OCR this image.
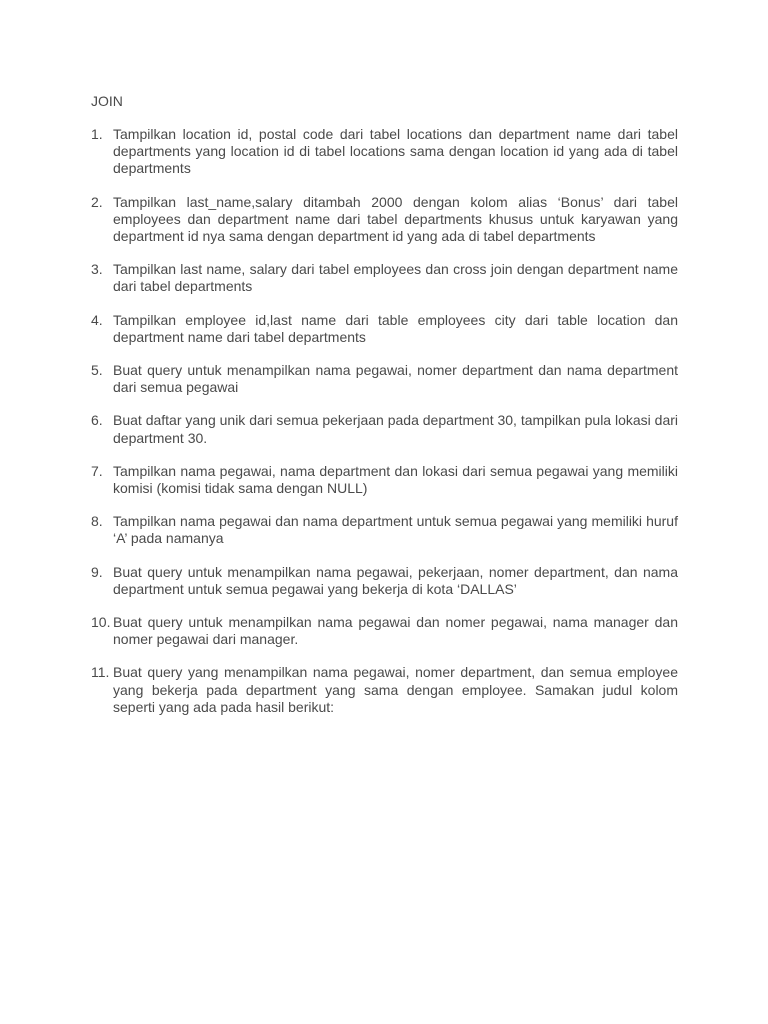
JOIN
1. Tampilkan location id, postal code dari tabel locations dan department name dari tabel departments yang location id di tabel locations sama dengan location id yang ada di tabel departments
2. Tampilkan last_name,salary ditambah 2000 dengan kolom alias ‘Bonus’ dari tabel employees dan department name dari tabel departments khusus untuk karyawan yang department id nya sama dengan department id yang ada di tabel departments
3. Tampilkan last name, salary dari tabel employees dan cross join dengan department name dari tabel departments
4. Tampilkan employee id,last name dari table employees city dari table location dan department name dari tabel departments
5. Buat query untuk menampilkan nama pegawai, nomer department dan nama department dari semua pegawai
6. Buat daftar yang unik dari semua pekerjaan pada department 30, tampilkan pula lokasi dari department 30.
7. Tampilkan nama pegawai, nama department dan lokasi dari semua pegawai yang memiliki komisi (komisi tidak sama dengan NULL)
8. Tampilkan nama pegawai dan nama department untuk semua pegawai yang memiliki huruf ‘A’ pada namanya
9. Buat query untuk menampilkan nama pegawai, pekerjaan, nomer department, dan nama department untuk semua pegawai yang bekerja di kota ‘DALLAS’
10. Buat query untuk menampilkan nama pegawai dan nomer pegawai, nama manager dan nomer pegawai dari manager.
11. Buat query yang menampilkan nama pegawai, nomer department, dan semua employee yang bekerja pada department yang sama dengan employee. Samakan judul kolom seperti yang ada pada hasil berikut:
